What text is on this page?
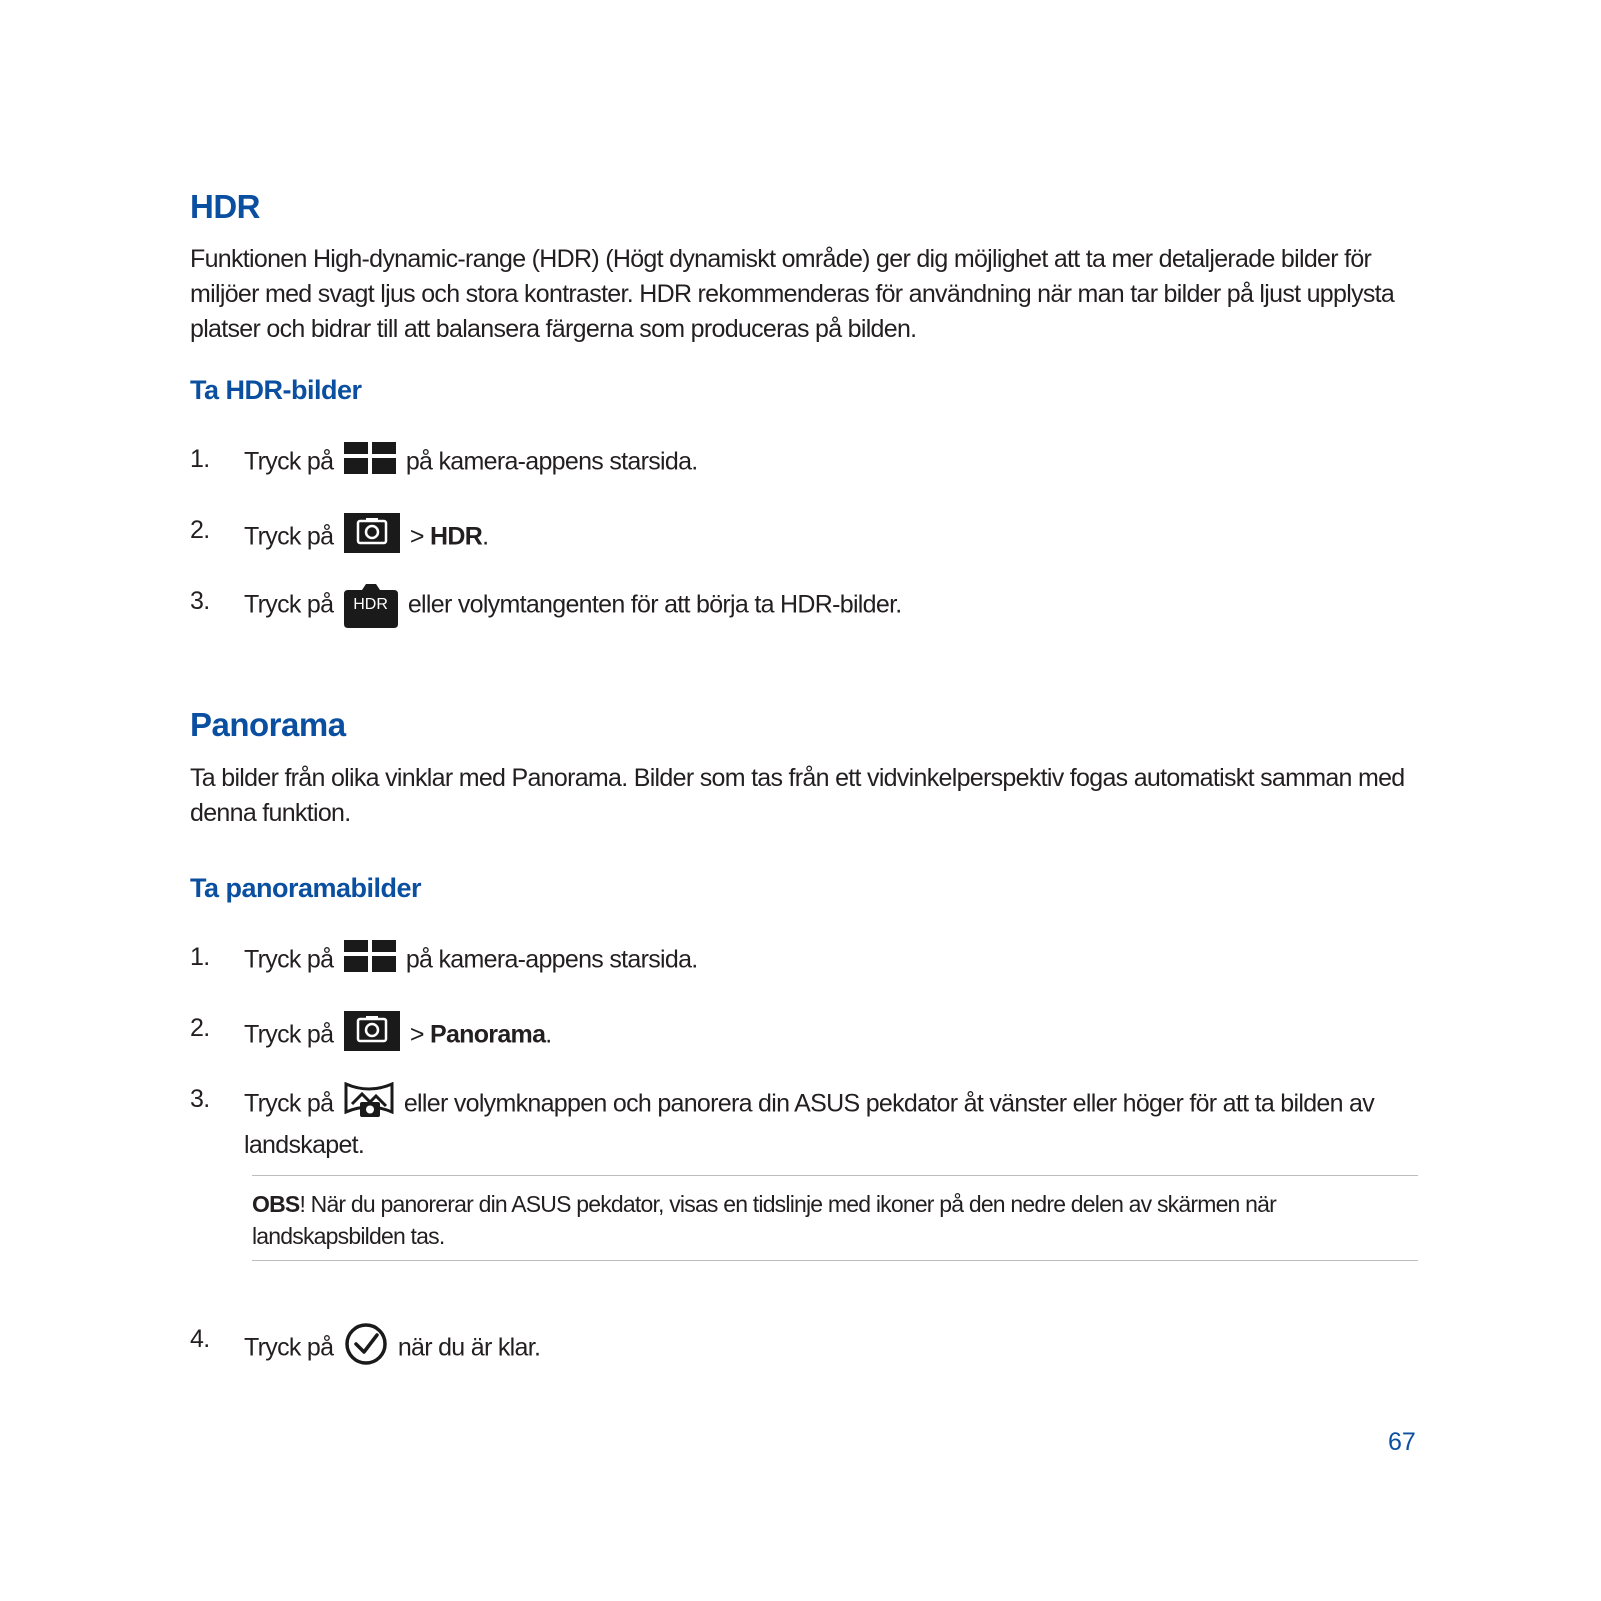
HDR

Funktionen High-dynamic-range (HDR) (Högt dynamiskt område) ger dig möjlighet att ta mer detaljerade bilder för miljöer med svagt ljus och stora kontraster. HDR rekommenderas för användning när man tar bilder på ljust upplysta platser och bidrar till att balansera färgerna som produceras på bilden.

Ta HDR-bilder
1. Tryck på	på kamera-appens starsida.
2. Tryck på	> HDR.
3. Tryck på	HDR eller volymtangenten för att börja ta HDR-bilder.
Panorama

Ta bilder från olika vinklar med Panorama. Bilder som tas från ett vidvinkelperspektiv fogas automatiskt samman med denna funktion.

Ta panoramabilder
1. Tryck på	på kamera-appens starsida.
2. Tryck på	> Panorama.
3. Tryck på	eller volymknappen och panorera din ASUS pekdator åt vänster eller höger för att ta bilden av landskapet.

OBS! När du panorerar din ASUS pekdator, visas en tidslinje med ikoner på den nedre delen av skärmen när landskapsbilden tas.

4. Tryck på	när du är klar.
67
